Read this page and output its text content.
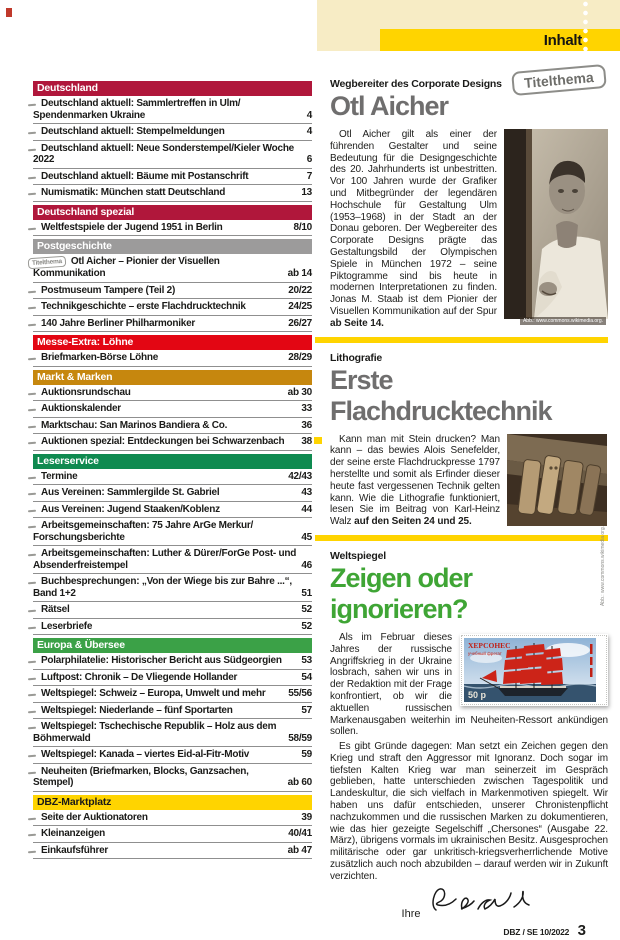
Inhalt
Deutschland
Deutschland aktuell: Sammlertreffen in Ulm/ Spendenmarken Ukraine	4
Deutschland aktuell: Stempelmeldungen	4
Deutschland aktuell: Neue Sonderstempel/Kieler Woche 2022	6
Deutschland aktuell: Bäume mit Postanschrift	7
Numismatik: München statt Deutschland	13
Deutschland spezial
Weltfestspiele der Jugend 1951 in Berlin	8/10
Postgeschichte
Titelthema Otl Aicher – Pionier der Visuellen Kommunikation	ab 14
Postmuseum Tampere (Teil 2)	20/22
Technikgeschichte – erste Flachdrucktechnik	24/25
140 Jahre Berliner Philharmoniker	26/27
Messe-Extra: Löhne
Briefmarken-Börse Löhne	28/29
Markt & Marken
Auktionsrundschau	ab 30
Auktionskalender	33
Marktschau: San Marinos Bandiera & Co.	36
Auktionen spezial: Entdeckungen bei Schwarzenbach	38
Leserservice
Termine	42/43
Aus Vereinen: Sammlergilde St. Gabriel	43
Aus Vereinen: Jugend Staaken/Koblenz	44
Arbeitsgemeinschaften: 75 Jahre ArGe Merkur/ Forschungsberichte	45
Arbeitsgemeinschaften: Luther & Dürer/ForGe Post- und Absenderfreistempel	46
Buchbesprechungen: „Von der Wiege bis zur Bahre ...“, Band 1+2	51
Rätsel	52
Leserbriefe	52
Europa & Übersee
Polarphilatelie: Historischer Bericht aus Südgeorgien	53
Luftpost: Chronik – De Vliegende Hollander	54
Weltspiegel: Schweiz – Europa, Umwelt und mehr	55/56
Weltspiegel: Niederlande – fünf Sportarten	57
Weltspiegel: Tschechische Republik – Holz aus dem Böhmerwald	58/59
Weltspiegel: Kanada – viertes Eid-al-Fitr-Motiv	59
Neuheiten (Briefmarken, Blocks, Ganzsachen, Stempel)	ab 60
DBZ-Marktplatz
Seite der Auktionatoren	39
Kleinanzeigen	40/41
Einkaufsführer	ab 47
Titelthema
Wegbereiter des Corporate Designs
Otl Aicher

Otl Aicher gilt als einer der führenden Gestalter und seine Bedeutung für die Designgeschichte des 20. Jahrhunderts ist unbestritten. Vor 100 Jahren wurde der Grafiker und Mitbegründer der legendären Hochschule für Gestaltung Ulm (1953–1968) in der Stadt an der Donau geboren. Der Wegbereiter des Corporate Designs prägte das Gestaltungsbild der Olympischen Spiele in München 1972 – seine Piktogramme sind bis heute in modernen Interpretationen zu finden. Jonas M. Staab ist dem Pionier der Visuellen Kommunikation auf der Spur ab Seite 14.	Abb.: www.commons.wikimedia.org.
Lithografie
Erste Flachdrucktechnik

Kann man mit Stein drucken? Man kann – das bewies Alois Senefelder, der seine erste Flachdruckpresse 1797 herstellte und somit als Erfinder dieser heute fast vergessenen Technik gelten kann. Wie die Lithografie funktioniert, lesen Sie im Beitrag von Karl-Heinz Walz auf den Seiten 24 und 25.

Abb.: www.commons.wikimedia.org.
Weltspiegel
Zeigen oder ignorieren?
ХЕРСОНЕС
учебный фрегат
50 р

Als im Februar dieses Jahres der russische Angriffskrieg in der Ukraine losbrach, sahen wir uns in der Redaktion mit der Frage konfrontiert, ob wir die aktuellen russischen Markenausgaben weiterhin im Neuheiten-Ressort ankündigen sollen.

Es gibt Gründe dagegen: Man setzt ein Zeichen gegen den Krieg und straft den Aggressor mit Ignoranz. Doch sogar im tiefsten Kalten Krieg war man seinerzeit im Gespräch geblieben, hatte unterschieden zwischen Tagespolitik und Landeskultur, die sich vielfach in Markenmotiven spiegelt. Wir haben uns dafür entschieden, unserer Chronistenpflicht nachzukommen und die russischen Marken zu dokumentieren, wie das hier gezeigte Segelschiff „Chersones“ (Ausgabe 22. März), übrigens vormals im ukrainischen Besitz. Ausgesprochen militärische oder gar unkritisch-kriegsverherrlichende Motive zusätzlich auch noch abzubilden – darauf werden wir in Zukunft verzichten.

Ihre
DBZ / SE 10/2022 3
